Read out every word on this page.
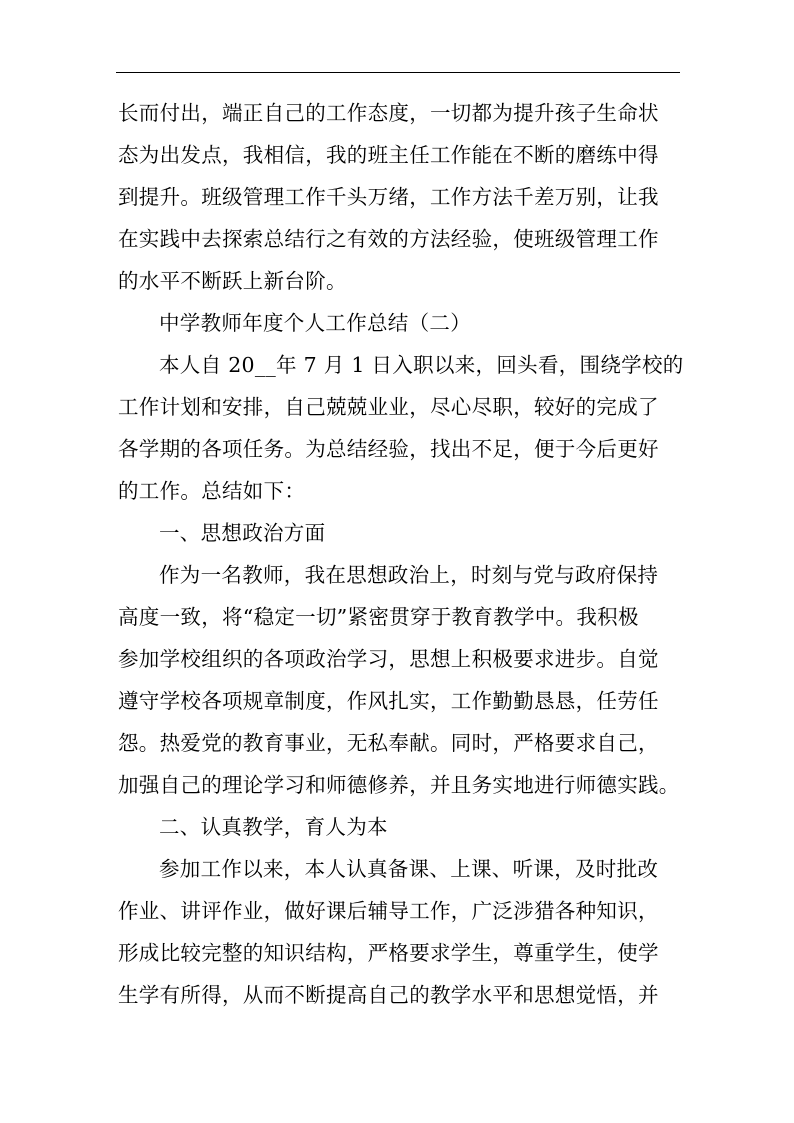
长而付出，端正自己的工作态度，一切都为提升孩子生命状
态为出发点，我相信，我的班主任工作能在不断的磨练中得
到提升。班级管理工作千头万绪，工作方法千差万别，让我
在实践中去探索总结行之有效的方法经验，使班级管理工作
的水平不断跃上新台阶。
中学教师年度个人工作总结（二）
本人自 20__年 7 月 1 日入职以来，回头看，围绕学校的
工作计划和安排，自己兢兢业业，尽心尽职，较好的完成了
各学期的各项任务。为总结经验，找出不足，便于今后更好
的工作。总结如下：
一、思想政治方面
作为一名教师，我在思想政治上，时刻与党与政府保持
高度一致，将“稳定一切”紧密贯穿于教育教学中。我积极
参加学校组织的各项政治学习，思想上积极要求进步。自觉
遵守学校各项规章制度，作风扎实，工作勤勤恳恳，任劳任
怨。热爱党的教育事业，无私奉献。同时，严格要求自己，
加强自己的理论学习和师德修养，并且务实地进行师德实践。
二、认真教学，育人为本
参加工作以来，本人认真备课、上课、听课，及时批改
作业、讲评作业，做好课后辅导工作，广泛涉猎各种知识，
形成比较完整的知识结构，严格要求学生，尊重学生，使学
生学有所得，从而不断提高自己的教学水平和思想觉悟，并
